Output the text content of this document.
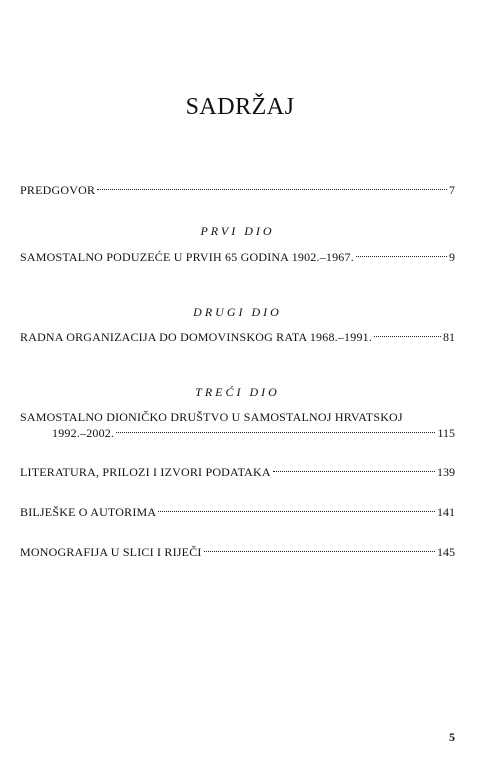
SADRŽAJ
PREDGOVOR	7
PRVI DIO
SAMOSTALNO PODUZEĆE U PRVIH 65 GODINA 1902.–1967.	9
DRUGI DIO
RADNA ORGANIZACIJA DO DOMOVINSKOG RATA 1968.–1991.	81
TREĆI DIO
SAMOSTALNO DIONIČKO DRUŠTVO U SAMOSTALNOJ HRVATSKOJ
1992.–2002.	115
LITERATURA, PRILOZI I IZVORI PODATAKA	139
BILJEŠKE O AUTORIMA	141
MONOGRAFIJA U SLICI I RIJEČI	145
5
